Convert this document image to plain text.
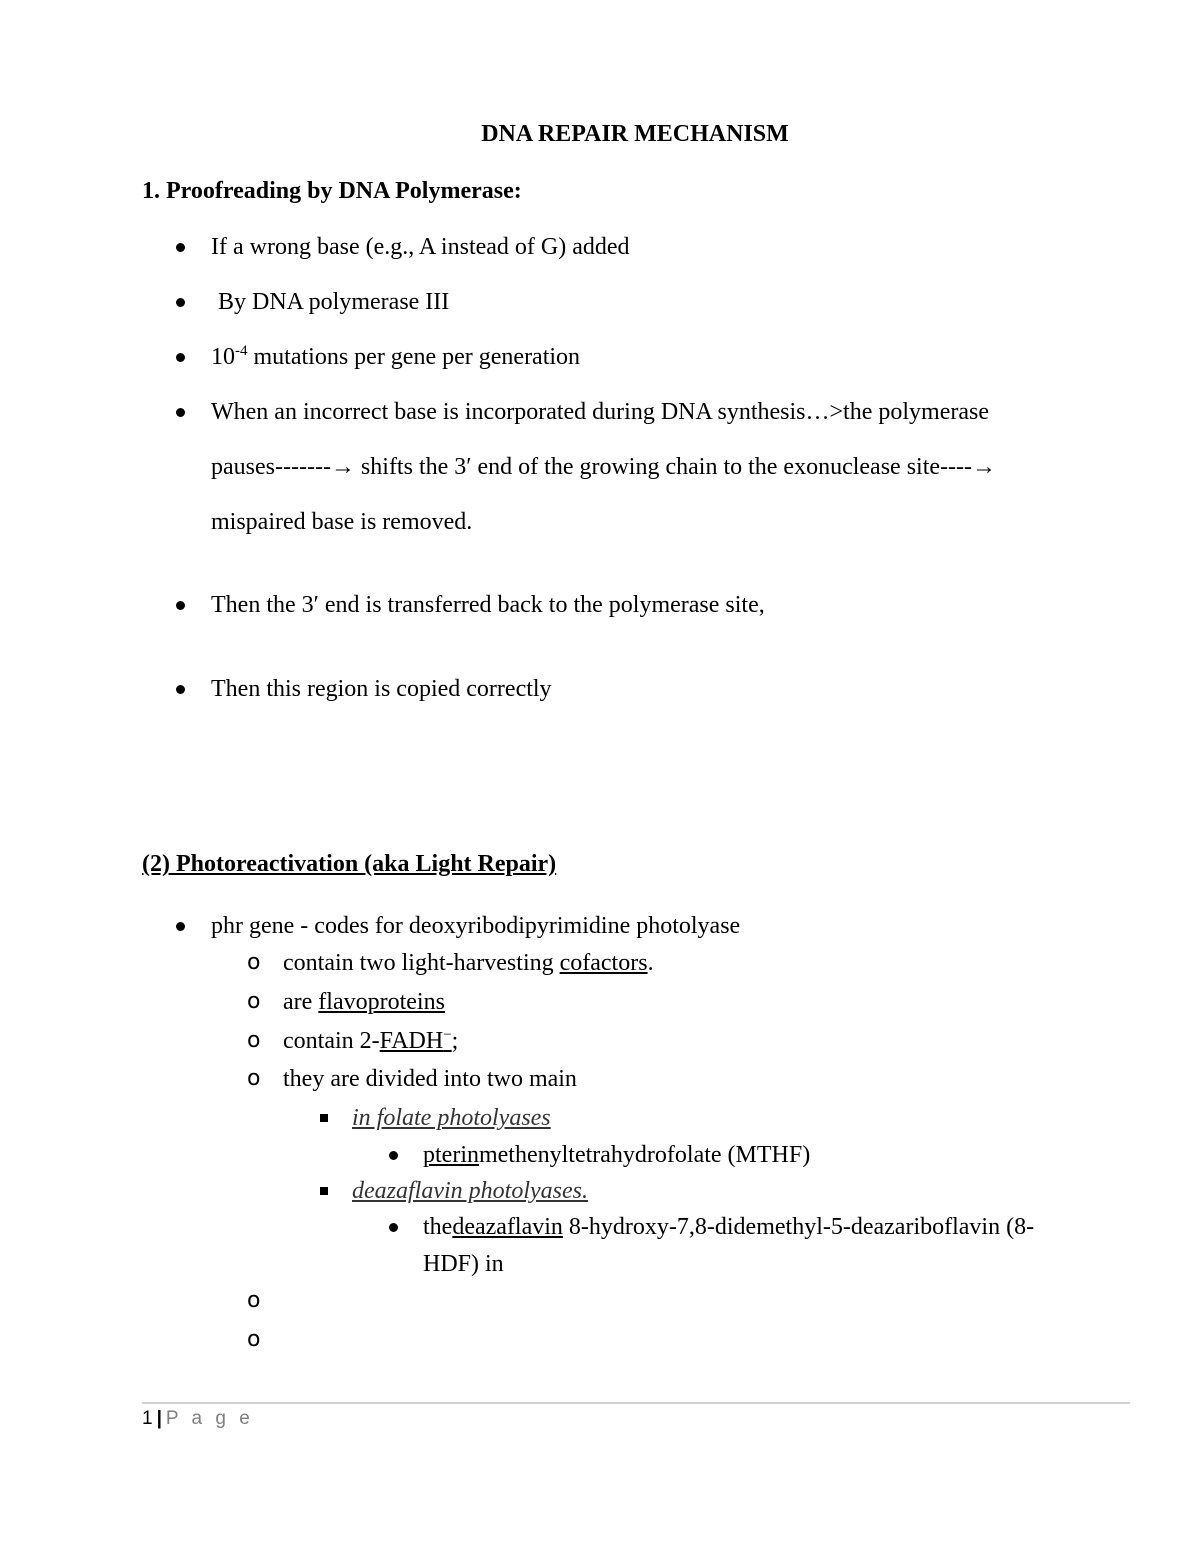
DNA REPAIR MECHANISM
1. Proofreading by DNA Polymerase:
If a wrong base (e.g., A instead of G) added
By DNA polymerase III
$10^{-4}$ mutations per gene per generation
When an incorrect base is incorporated during DNA synthesis…>the polymerase
pauses-------→ shifts the 3′ end of the growing chain to the exonuclease site----→
mispaired base is removed.
Then the 3′ end is transferred back to the polymerase site,
Then this region is copied correctly
(2) Photoreactivation (aka Light Repair)
phr gene - codes for deoxyribodipyrimidine photolyase
o contain two light-harvesting cofactors.
o are flavoproteins
o contain 2-FADH−;
o they are divided into two main
in folate photolyases
pterinmethenyltetrahydrofolate (MTHF)
deazaflavin photolyases.
thedeazaflavin 8-hydroxy-7,8-didemethyl-5-deazariboflavin (8-
HDF) in
o
o
1 | P a g e
